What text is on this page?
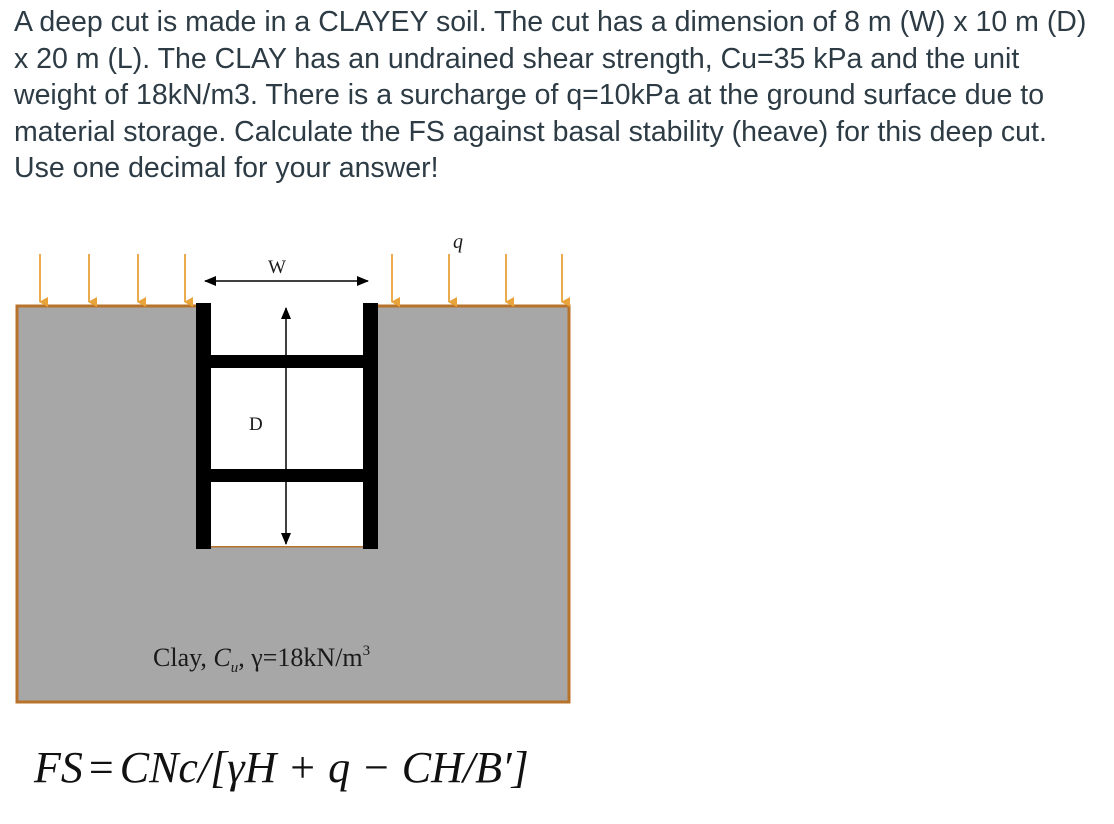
A deep cut is made in a CLAYEY soil. The cut has a dimension of 8 m (W) x 10 m (D) x 20 m (L). The CLAY has an undrained shear strength, Cu=35 kPa and the unit weight of 18kN/m3. There is a surcharge of q=10kPa at the ground surface due to material storage. Calculate the FS against basal stability (heave) for this deep cut. Use one decimal for your answer!

W
D
q
Clay, $C_u$, $\gamma=18kN/m^3$
FS = CNc/[γH + q − CH/B′]
